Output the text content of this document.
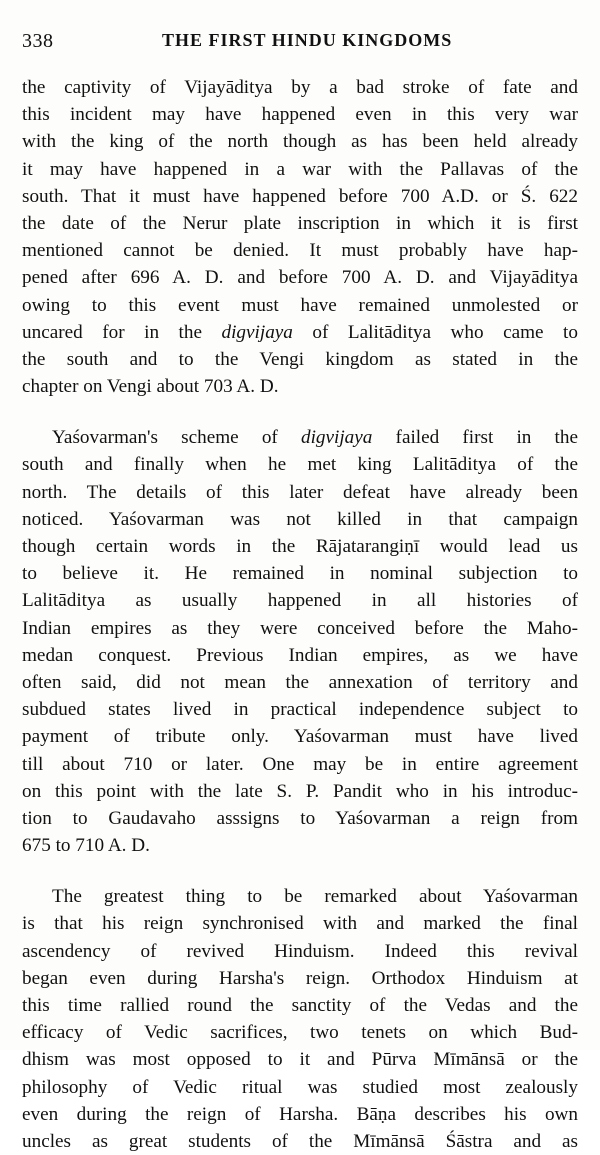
338	THE FIRST HINDU KINGDOMS
the captivity of Vijayāditya by a bad stroke of fate and
this incident may have happened even in this very war
with the king of the north though as has been held already
it may have happened in a war with the Pallavas of the
south. That it must have happened before 700 A.D. or Ś. 622
the date of the Nerur plate inscription in which it is first
mentioned cannot be denied. It must probably have hap-
pened after 696 A. D. and before 700 A. D. and Vijayāditya
owing to this event must have remained unmolested or
uncared for in the digvijaya of Lalitāditya who came to
the south and to the Vengi kingdom as stated in the
chapter on Vengi about 703 A. D.
Yaśovarman's scheme of digvijaya failed first in the
south and finally when he met king Lalitāditya of the
north. The details of this later defeat have already been
noticed. Yaśovarman was not killed in that campaign
though certain words in the Rājatarangiṇī would lead us
to believe it. He remained in nominal subjection to
Lalitāditya as usually happened in all histories of
Indian empires as they were conceived before the Maho-
medan conquest. Previous Indian empires, as we have
often said, did not mean the annexation of territory and
subdued states lived in practical independence subject to
payment of tribute only. Yaśovarman must have lived
till about 710 or later. One may be in entire agreement
on this point with the late S. P. Pandit who in his introduc-
tion to Gaudavaho asssigns to Yaśovarman a reign from
675 to 710 A. D.
The greatest thing to be remarked about Yaśovarman
is that his reign synchronised with and marked the final
ascendency of revived Hinduism. Indeed this revival
began even during Harsha's reign. Orthodox Hinduism at
this time rallied round the sanctity of the Vedas and the
efficacy of Vedic sacrifices, two tenets on which Bud-
dhism was most opposed to it and Pūrva Mīmānsā or the
philosophy of Vedic ritual was studied most zealously
even during the reign of Harsha. Bāṇa describes his own
uncles as great students of the Mīmānsā Śāstra and as
